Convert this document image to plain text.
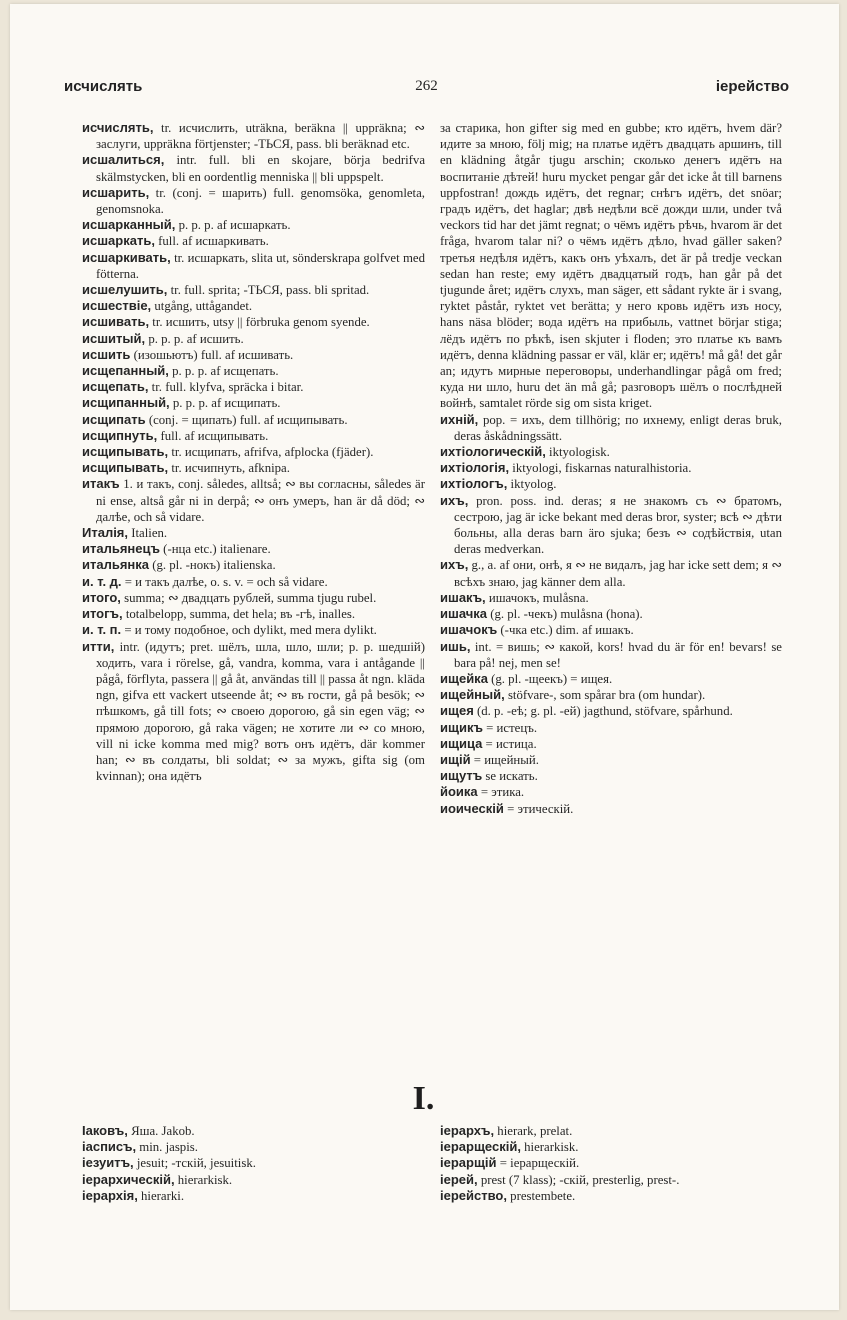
исчислять	262	іерейство

исчислять, tr. исчислить, uträkna, beräkna || uppräkna; ∾ заслуги, uppräkna förtjenster; -ТЬСЯ, pass. bli beräknad etc.

исшалиться, intr. full. bli en skojare, börja bedrifva skälmstycken, bli en oordentlig menniska || bli uppspelt.

исшарить, tr. (conj. = шарить) full. genomsöka, genomleta, genomsnoka.

исшарканный, p. p. p. af исшаркать.

исшаркать, full. af исшаркивать.

исшаркивать, tr. исшаркать, slita ut, sönderskrapa golfvet med fötterna.

исшелушить, tr. full. sprita; -ТЬСЯ, pass. bli spritad.

исшествіе, utgång, uttågandet.

исшивать, tr. исшить, utsy || förbruka genom syende.

исшитый, p. p. p. af исшить.

исшить (изошьютъ) full. af исшивать.

исщепанный, p. p. p. af исщепать.

исщепать, tr. full. klyfva, spräcka i bitar.

исщипанный, p. p. p. af исщипать.

исщипать (conj. = щипать) full. af исщипывать.

исщипнуть, full. af исщипывать.

исщипывать, tr. исщипать, afrifva, afplocka (fjäder).

исщипывать, tr. исчипнуть, afknipa.

итакъ 1. и такъ, conj. således, alltså; ∾ вы согласны, således är ni ense, altså går ni in derpå; ∾ онъ умеръ, han är då död; ∾ далѣе, och så vidare.

Италія, Italien.

итальянецъ (-нца etc.) italienare.

итальянка (g. pl. -нокъ) italienska.

и. т. д. = и такъ далѣе, o. s. v. = och så vidare.

итого, summa; ∾ двадцать рублей, summa tjugu rubel.

итогъ, totalbelopp, summa, det hela; въ -гѣ, inalles.

и. т. п. = и тому подобное, och dylikt, med mera dylikt.

итти, intr. (идутъ; pret. шёлъ, шла, шло, шли; p. p. шедшій) ходить, vara i rörelse, gå, vandra, komma, vara i antågande || pågå, förflyta, passera || gå åt, användas till || passa åt ngn. kläda ngn, gifva ett vackert utseende åt; ∾ въ гости, gå på besök; ∾ пѣшкомъ, gå till fots; ∾ своею дорогою, gå sin egen väg; ∾ прямою дорогою, gå raka vägen; не хотите ли ∾ со мною, vill ni icke komma med mig? вотъ онъ идётъ, där kommer han; ∾ въ солдаты, bli soldat; ∾ за мужъ, gifta sig (om kvinnan); она идётъ

за старика, hon gifter sig med en gubbe; кто идётъ, hvem där? идите за мною, följ mig; на платье идётъ двадцать аршинъ, till en klädning åtgår tjugu arschin; сколько денегъ идётъ на воспитаніе дѣтей! huru mycket pengar går det icke åt till barnens uppfostran! дождь идётъ, det regnar; снѣгъ идётъ, det snöar; градъ идётъ, det haglar; двѣ недѣли всё дожди шли, under två veckors tid har det jämt regnat; о чёмъ идётъ рѣчь, hvarom är det fråga, hvarom talar ni? о чёмъ идётъ дѣло, hvad gäller saken? третья недѣля идётъ, какъ онъ уѣхалъ, det är på tredje veckan sedan han reste; ему идётъ двадцатый годъ, han går på det tjugunde året; идётъ слухъ, man säger, ett sådant rykte är i svang, ryktet påstår, ryktet vet berätta; у него кровь идётъ изъ носу, hans näsa blöder; вода идётъ на прибыль, vattnet börjar stiga; лёдъ идётъ по рѣкѣ, isen skjuter i floden; это платье къ вамъ идётъ, denna klädning passar er väl, klär er; идётъ! må gå! det går an; идутъ мирные переговоры, underhandlingar pågå om fred; куда ни шло, huru det än må gå; разговоръ шёлъ о послѣдней войнѣ, samtalet rörde sig om sista kriget.

ихній, pop. = ихъ, dem tillhörig; по ихнему, enligt deras bruk, deras åskådningssätt.

ихтіологическій, iktyologisk.

ихтіологія, iktyologi, fiskarnas naturalhistoria.

ихтіологъ, iktyolog.

ихъ, pron. poss. ind. deras; я не знакомъ съ ∾ братомъ, сестрою, jag är icke bekant med deras bror, syster; всѣ ∾ дѣти больны, alla deras barn äro sjuka; безъ ∾ содѣйствія, utan deras medverkan.

ихъ, g., a. af они, онѣ, я ∾ не видалъ, jag har icke sett dem; я ∾ всѣхъ знаю, jag känner dem alla.

ишакъ, ишачокъ, mulåsna.

ишачка (g. pl. -чекъ) mulåsna (hona).

ишачокъ (-чка etc.) dim. af ишакъ.

ишь, int. = вишь; ∾ какой, kors! hvad du är för en! bevars! se bara på! nej, men se!

ищейка (g. pl. -щеекъ) = ищея.

ищейный, stöfvare-, som spårar bra (om hundar).

ищея (d. p. -еѣ; g. pl. -ей) jagthund, stöfvare, spårhund.

ищикъ = истецъ.

ищица = истица.

ищій = ищейный.

ищутъ se искать.

йоика = этика.

иоическій = этическій.

I.

Іаковъ, Яша. Jakob.

іасписъ, min. jaspis.

іезуитъ, jesuit; -тскій, jesuitisk.

іерархическій, hierarkisk.

іерархія, hierarki.

іерархъ, hierark, prelat.

іерарщескій, hierarkisk.

іерарщій = іерарщескій.

іерей, prest (7 klass); -скій, presterlig, prest-.

іерейство, prestembete.
